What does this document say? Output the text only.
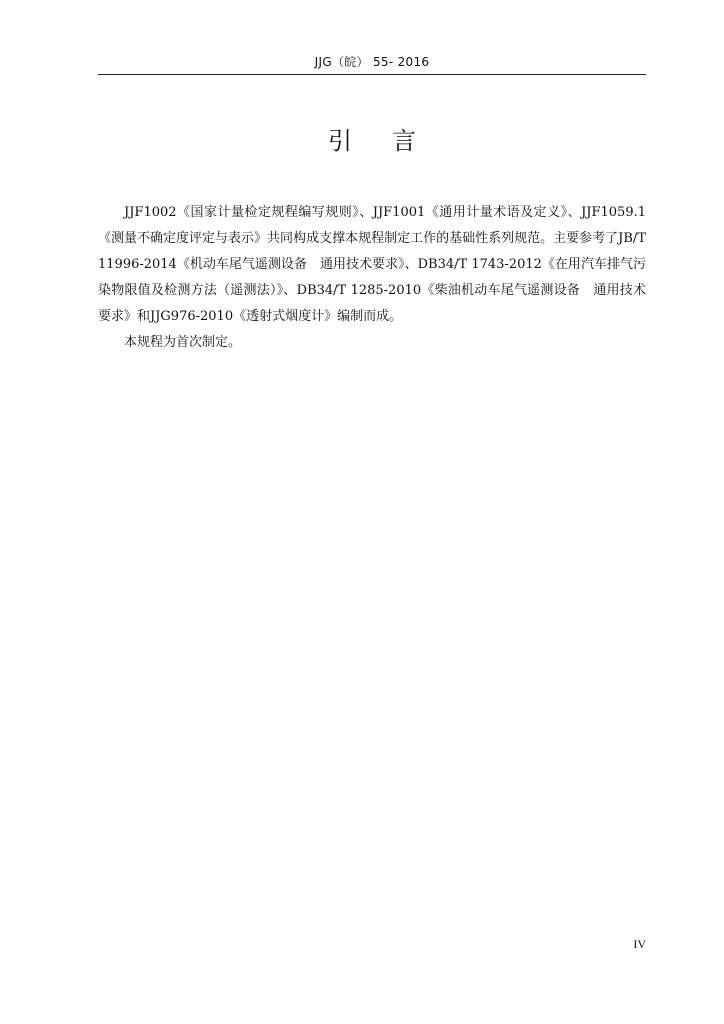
JJG（皖） 55- 2016
引言

JJF1002《国家计量检定规程编写规则》、JJF1001《通用计量术语及定义》、JJF1059.1《测量不确定度评定与表示》共同构成支撑本规程制定工作的基础性系列规范。主要参考了JB/T 11996-2014《机动车尾气遥测设备　通用技术要求》、DB34/T 1743-2012《在用汽车排气污染物限值及检测方法（遥测法）》、DB34/T 1285-2010《柴油机动车尾气遥测设备　通用技术要求》和JJG976-2010《透射式烟度计》编制而成。

本规程为首次制定。

IV
